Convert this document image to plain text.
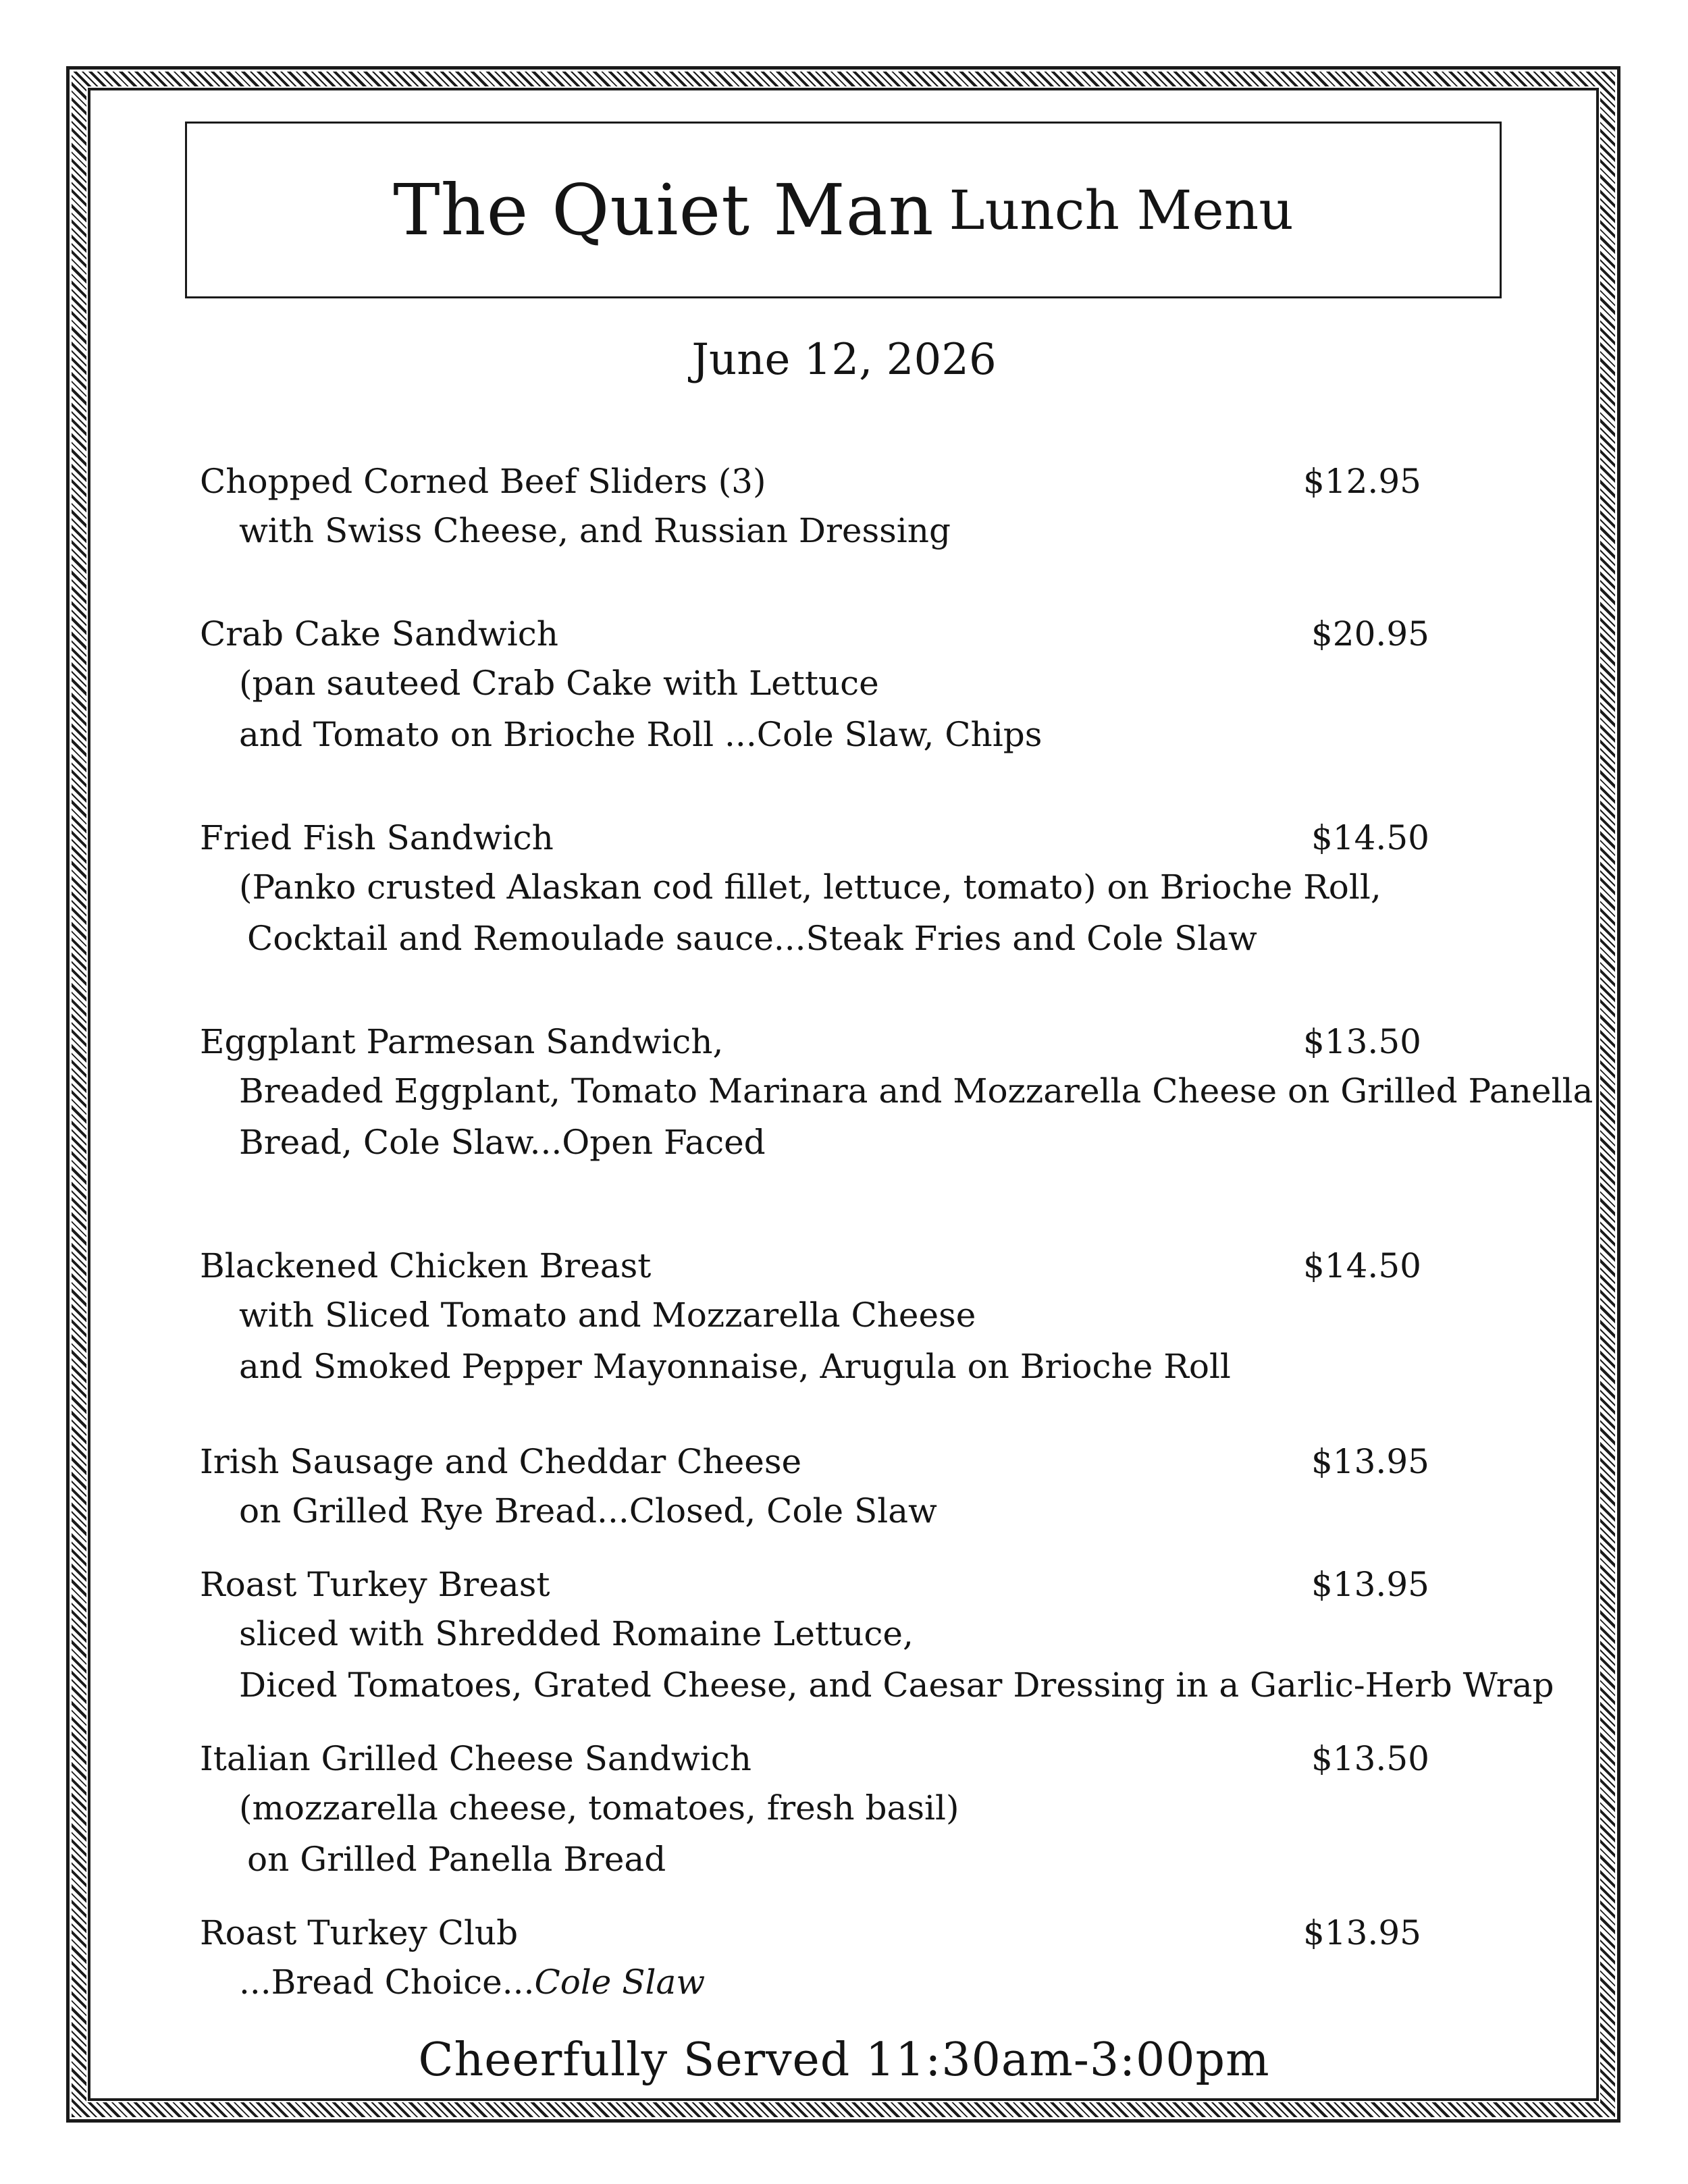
The Quiet Man Lunch Menu
June 12, 2026
Chopped Corned Beef Sliders (3)	$12.95
with Swiss Cheese, and Russian Dressing
Crab Cake Sandwich	$20.95
(pan sauteed Crab Cake with Lettuce
and Tomato on Brioche Roll ...Cole Slaw, Chips
Fried Fish Sandwich	$14.50
(Panko crusted Alaskan cod fillet, lettuce, tomato) on Brioche Roll,
Cocktail and Remoulade sauce...Steak Fries and Cole Slaw
Eggplant Parmesan Sandwich,	$13.50
Breaded Eggplant, Tomato Marinara and Mozzarella Cheese on Grilled Panella
Bread, Cole Slaw...Open Faced
Blackened Chicken Breast	$14.50
with Sliced Tomato and Mozzarella Cheese
and Smoked Pepper Mayonnaise, Arugula on Brioche Roll
Irish Sausage and Cheddar Cheese	$13.95
on Grilled Rye Bread...Closed, Cole Slaw
Roast Turkey Breast	$13.95
sliced with Shredded Romaine Lettuce,
Diced Tomatoes, Grated Cheese, and Caesar Dressing in a Garlic-Herb Wrap
Italian Grilled Cheese Sandwich	$13.50
(mozzarella cheese, tomatoes, fresh basil)
on Grilled Panella Bread
Roast Turkey Club	$13.95
...Bread Choice...Cole Slaw
Cheerfully Served 11:30am-3:00pm
